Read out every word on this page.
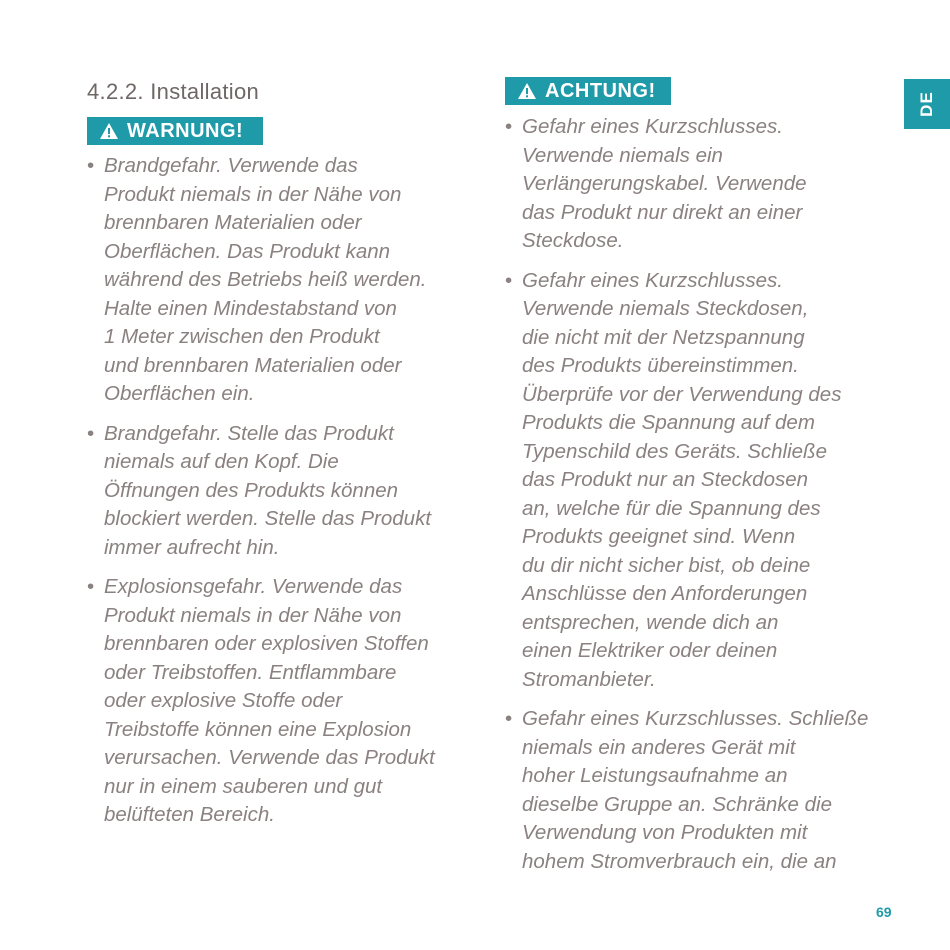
4.2.2. Installation
WARNUNG!
• Brandgefahr. Verwende das
Produkt niemals in der Nähe von
brennbaren Materialien oder
Oberflächen. Das Produkt kann
während des Betriebs heiß werden.
Halte einen Mindestabstand von
1 Meter zwischen den Produkt
und brennbaren Materialien oder
Oberflächen ein.
• Brandgefahr. Stelle das Produkt
niemals auf den Kopf. Die
Öffnungen des Produkts können
blockiert werden. Stelle das Produkt
immer aufrecht hin.
• Explosionsgefahr. Verwende das
Produkt niemals in der Nähe von
brennbaren oder explosiven Stoffen
oder Treibstoffen. Entflammbare
oder explosive Stoffe oder
Treibstoffe können eine Explosion
verursachen. Verwende das Produkt
nur in einem sauberen und gut
belüfteten Bereich.
ACHTUNG!
• Gefahr eines Kurzschlusses.
Verwende niemals ein
Verlängerungskabel. Verwende
das Produkt nur direkt an einer
Steckdose.
• Gefahr eines Kurzschlusses.
Verwende niemals Steckdosen,
die nicht mit der Netzspannung
des Produkts übereinstimmen.
Überprüfe vor der Verwendung des
Produkts die Spannung auf dem
Typenschild des Geräts. Schließe
das Produkt nur an Steckdosen
an, welche für die Spannung des
Produkts geeignet sind. Wenn
du dir nicht sicher bist, ob deine
Anschlüsse den Anforderungen
entsprechen, wende dich an
einen Elektriker oder deinen
Stromanbieter.
• Gefahr eines Kurzschlusses. Schließe
niemals ein anderes Gerät mit
hoher Leistungsaufnahme an
dieselbe Gruppe an. Schränke die
Verwendung von Produkten mit
hohem Stromverbrauch ein, die an
DE
69
